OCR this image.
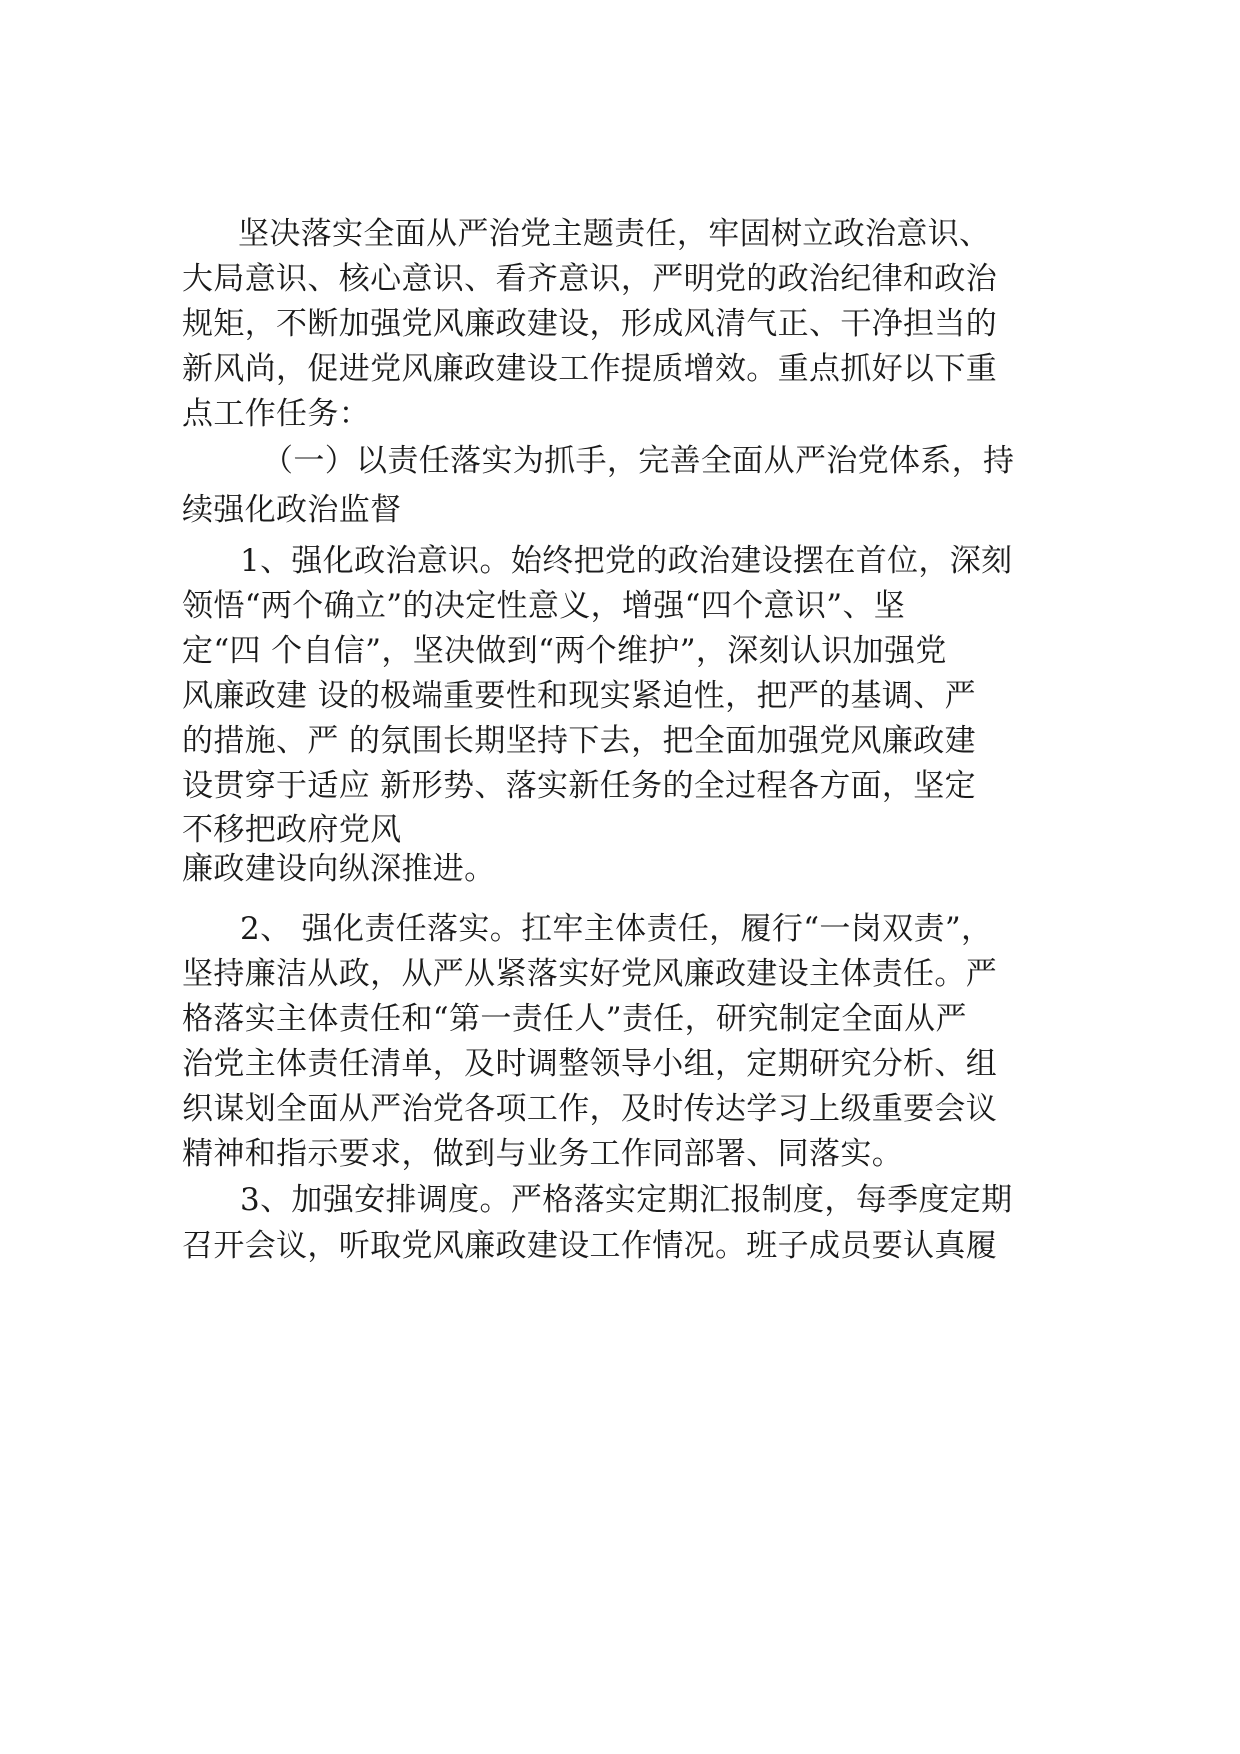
坚决落实全面从严治党主题责任，牢固树立政治意识、
大局意识、核心意识、看齐意识，严明党的政治纪律和政治
规矩，不断加强党风廉政建设，形成风清气正、干净担当的
新风尚，促进党风廉政建设工作提质增效。重点抓好以下重
点工作任务：
（一）以责任落实为抓手，完善全面从严治党体系，持
续强化政治监督
1、强化政治意识。始终把党的政治建设摆在首位，深刻
领悟“两个确立”的决定性意义，增强“四个意识”、坚
定“四 个自信”，坚决做到“两个维护”，深刻认识加强党
风廉政建 设的极端重要性和现实紧迫性，把严的基调、严
的措施、严 的氛围长期坚持下去，把全面加强党风廉政建
设贯穿于适应 新形势、落实新任务的全过程各方面，坚定
不移把政府党风
廉政建设向纵深推进。
2、 强化责任落实。扛牢主体责任，履行“一岗双责”，
坚持廉洁从政，从严从紧落实好党风廉政建设主体责任。严
格落实主体责任和“第一责任人”责任，研究制定全面从严
治党主体责任清单，及时调整领导小组，定期研究分析、组
织谋划全面从严治党各项工作，及时传达学习上级重要会议
精神和指示要求，做到与业务工作同部署、同落实。
3、加强安排调度。严格落实定期汇报制度，每季度定期
召开会议，听取党风廉政建设工作情况。班子成员要认真履
